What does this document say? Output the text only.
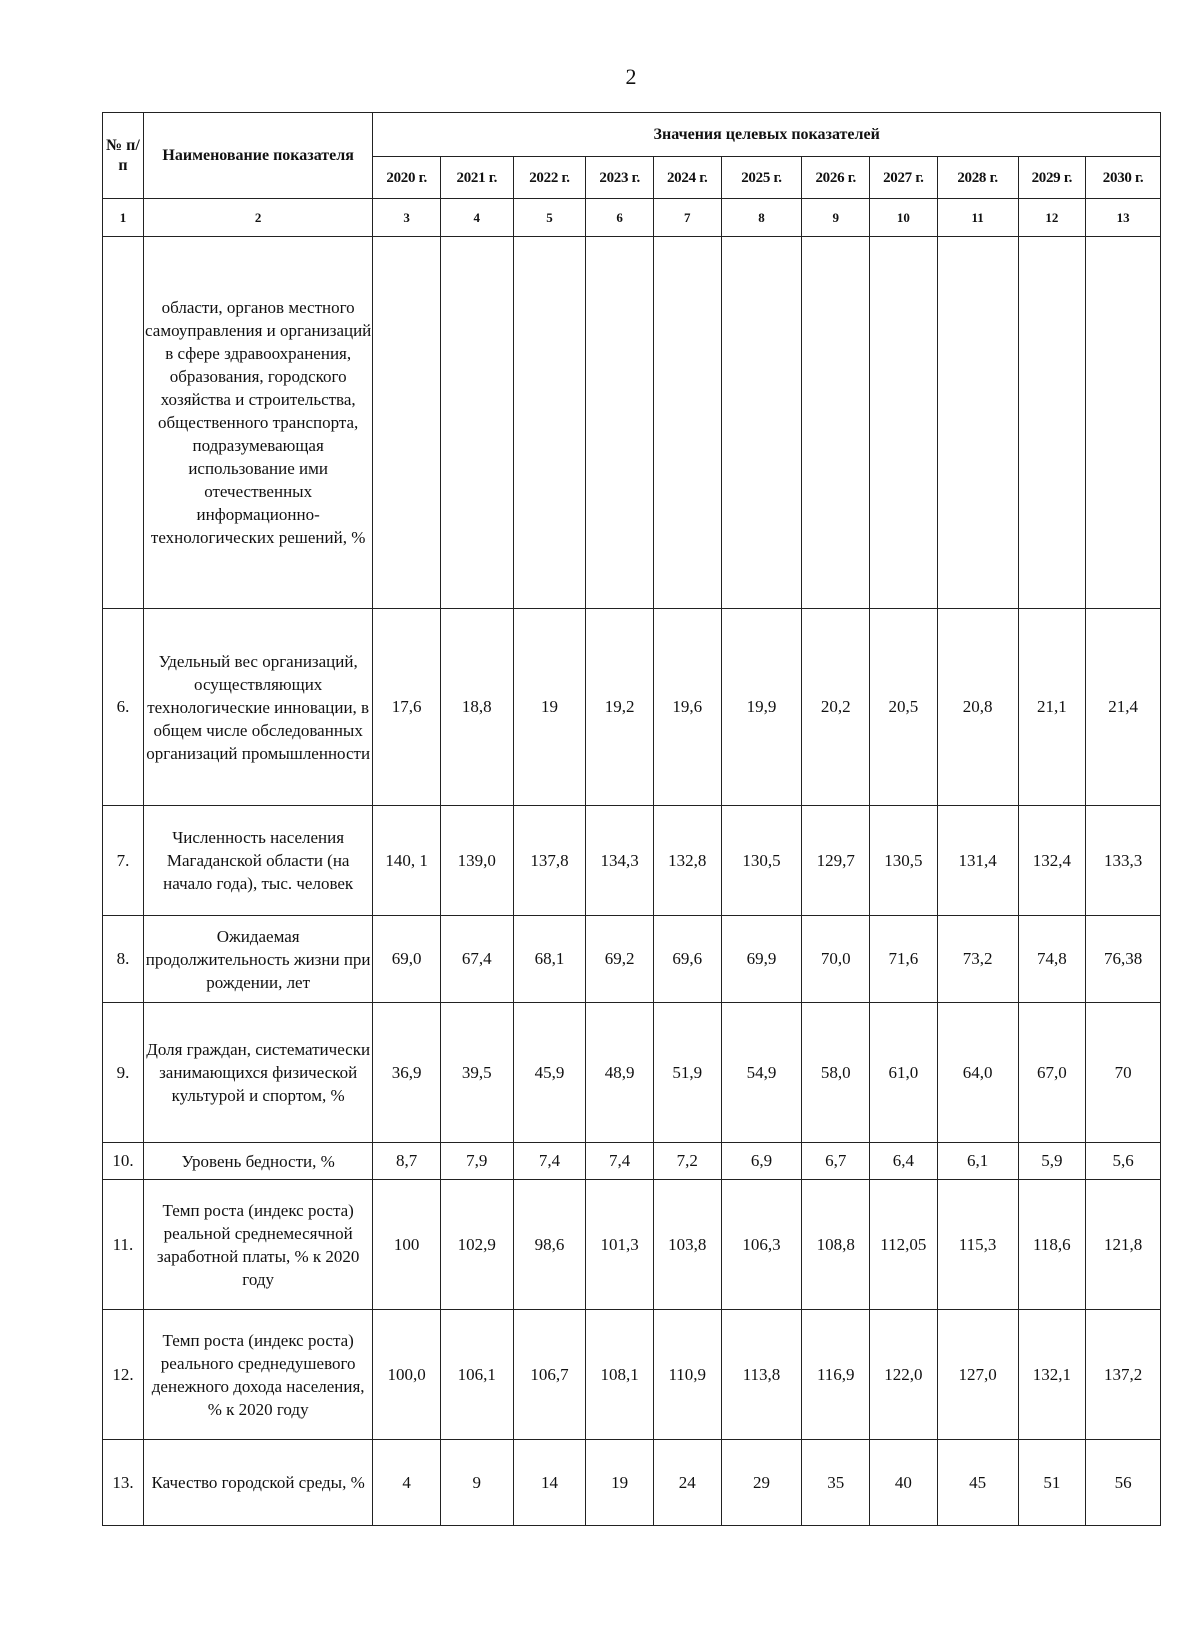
2
№ п/п	Наименование показателя	Значения целевых показателей										
		2020 г.	2021 г.	2022 г.	2023 г.	2024 г.	2025 г.	2026 г.	2027 г.	2028 г.	2029 г.	2030 г.
1	2	3	4	5	6	7	8	9	10	11	12	13
	области, органов местного самоуправления и организаций в сфере здравоохранения, образования, городского хозяйства и строительства, общественного транспорта, подразумевающая использование ими отечественных информационно-технологических решений, %											
6.	Удельный вес организаций, осуществляющих технологические инновации, в общем числе обследованных организаций промышленности	17,6	18,8	19	19,2	19,6	19,9	20,2	20,5	20,8	21,1	21,4
7.	Численность населения Магаданской области (на начало года), тыс. человек	140, 1	139,0	137,8	134,3	132,8	130,5	129,7	130,5	131,4	132,4	133,3
8.	Ожидаемая продолжительность жизни при рождении, лет	69,0	67,4	68,1	69,2	69,6	69,9	70,0	71,6	73,2	74,8	76,38
9.	Доля граждан, систематически занимающихся физической культурой и спортом, %	36,9	39,5	45,9	48,9	51,9	54,9	58,0	61,0	64,0	67,0	70
10.	Уровень бедности, %	8,7	7,9	7,4	7,4	7,2	6,9	6,7	6,4	6,1	5,9	5,6
11.	Темп роста (индекс роста) реальной среднемесячной заработной платы, % к 2020 году	100	102,9	98,6	101,3	103,8	106,3	108,8	112,05	115,3	118,6	121,8
12.	Темп роста (индекс роста) реального среднедушевого денежного дохода населения, % к 2020 году	100,0	106,1	106,7	108,1	110,9	113,8	116,9	122,0	127,0	132,1	137,2
13.	Качество городской среды, %	4	9	14	19	24	29	35	40	45	51	56
